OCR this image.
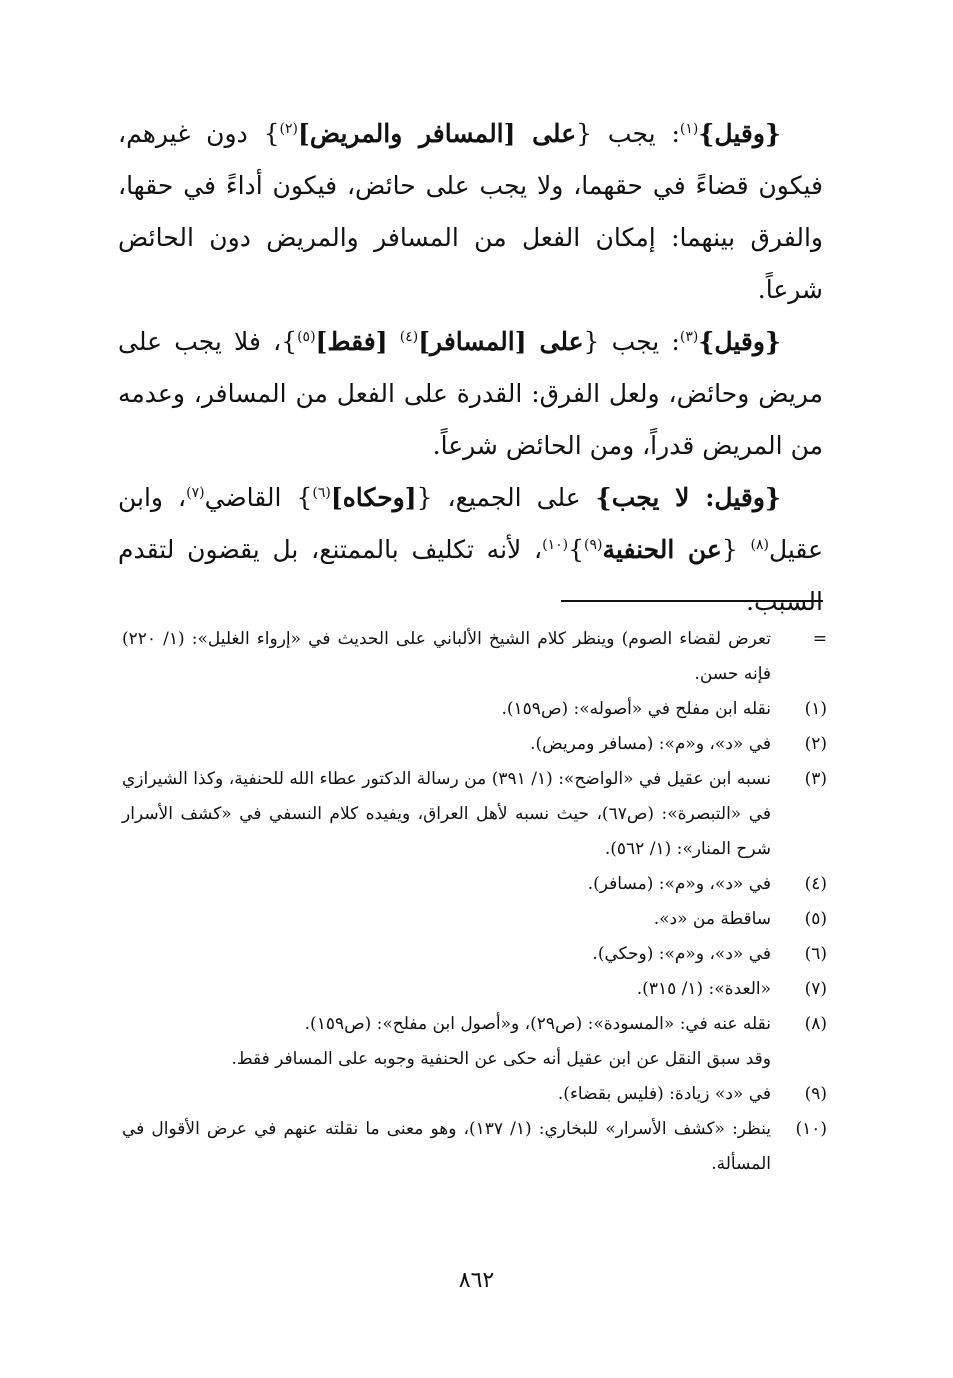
{وقيل}$^{(١)}$: يجب {على [المسافر والمريض]$^{(٢)}$} دون غيرهم، فيكون قضاءً في حقهما، ولا يجب على حائض، فيكون أداءً في حقها، والفرق بينهما: إمكان الفعل من المسافر والمريض دون الحائض شرعاً.

{وقيل}$^{(٣)}$: يجب {على [المسافر]$^{(٤)}$ [فقط]$^{(٥)}$}، فلا يجب على مريض وحائض، ولعل الفرق: القدرة على الفعل من المسافر، وعدمه من المريض قدراً، ومن الحائض شرعاً.

{وقيل: لا يجب} على الجميع، {[وحكاه]$^{(٦)}$} القاضي$^{(٧)}$، وابن عقيل$^{(٨)}$ {عن الحنفية$^{(٩)}$}$^{(١٠)}$، لأنه تكليف بالممتنع، بل يقضون لتقدم السبب.

=
تعرض لقضاء الصوم) وينظر كلام الشيخ الألباني على الحديث في «إرواء الغليل»: (١/ ٢٢٠) فإنه حسن.
(١)
نقله ابن مفلح في «أصوله»: (ص١٥٩).
(٢)
في «د»، و«م»: (مسافر ومريض).
(٣)
نسبه ابن عقيل في «الواضح»: (١/ ٣٩١) من رسالة الدكتور عطاء الله للحنفية، وكذا الشيرازي في «التبصرة»: (ص٦٧)، حيث نسبه لأهل العراق، ويفيده كلام النسفي في «كشف الأسرار شرح المنار»: (١/ ٥٦٢).
(٤)
في «د»، و«م»: (مسافر).
(٥)
ساقطة من «د».
(٦)
في «د»، و«م»: (وحكي).
(٧)
«العدة»: (١/ ٣١٥).
(٨)
نقله عنه في: «المسودة»: (ص٢٩)، و«أصول ابن مفلح»: (ص١٥٩).
وقد سبق النقل عن ابن عقيل أنه حكى عن الحنفية وجوبه على المسافر فقط.
(٩)
في «د» زيادة: (فليس بقضاء).
(١٠)
ينظر: «كشف الأسرار» للبخاري: (١/ ١٣٧)، وهو معنى ما نقلته عنهم في عرض الأقوال في المسألة.
٨٦٢
